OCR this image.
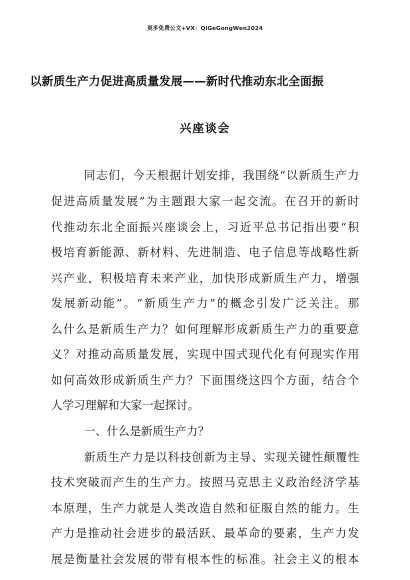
更多免费公文+VX：QiGeGongWen2024
以新质生产力促进高质量发展——新时代推动东北全面振
兴座谈会
同志们，今天根据计划安排，我围绕“以新质生产力
促进高质量发展”为主题跟大家一起交流。在召开的新时
代推动东北全面振兴座谈会上，习近平总书记指出要“积
极培育新能源、新材料、先进制造、电子信息等战略性新
兴产业，积极培育未来产业，加快形成新质生产力，增强
发展新动能”。“新质生产力”的概念引发广泛关注。那
么什么是新质生产力？如何理解形成新质生产力的重要意
义？对推动高质量发展，实现中国式现代化有何现实作用
如何高效形成新质生产力？下面围绕这四个方面，结合个
人学习理解和大家一起探讨。
一、什么是新质生产力？
新质生产力是以科技创新为主导、实现关键性颠覆性
技术突破而产生的生产力。按照马克思主义政治经济学基
本原理，生产力就是人类改造自然和征服自然的能力。生
产力是推动社会进步的最活跃、最革命的要素，生产力发
展是衡量社会发展的带有根本性的标准。社会主义的根本
